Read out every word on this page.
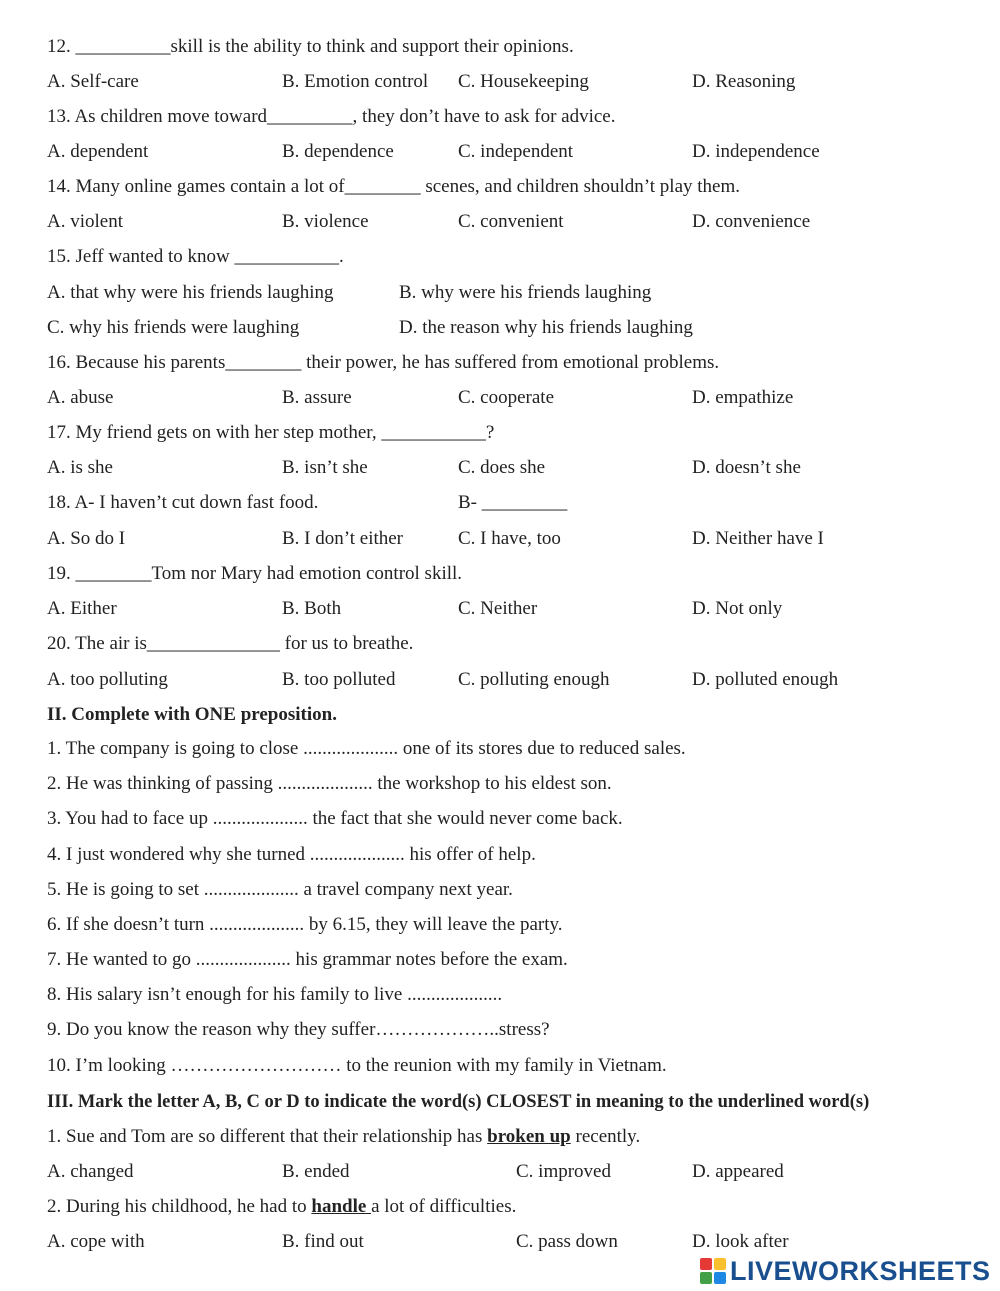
12. __________skill is the ability to think and support their opinions.
A. Self-care	B. Emotion control C. Housekeeping	D. Reasoning
13. As children move toward_________, they don’t have to ask for advice.
A. dependent	B. dependence	C. independent	D. independence
14. Many online games contain a lot of________ scenes, and children shouldn’t play them.
A. violent	B. violence	C. convenient	D. convenience
15. Jeff wanted to know ___________.
A. that why were his friends laughing	B. why were his friends laughing
C. why his friends were laughing	D. the reason why his friends laughing
16. Because his parents________ their power, he has suffered from emotional problems.
A. abuse	B. assure	C. cooperate	D. empathize
17. My friend gets on with her step mother, ___________?
A. is she	B. isn’t she	C. does she	D. doesn’t she
18. A- I haven’t cut down fast food.	B- _________
A. So do I	B. I don’t either	C. I have, too	D. Neither have I
19. ________Tom nor Mary had emotion control skill.
A. Either	B. Both	C. Neither	D. Not only
20. The air is______________ for us to breathe.
A. too polluting	B. too polluted	C. polluting enough	D. polluted enough
II. Complete with ONE preposition.
1. The company is going to close .................... one of its stores due to reduced sales.
2. He was thinking of passing .................... the workshop to his eldest son.
3. You had to face up .................... the fact that she would never come back.
4. I just wondered why she turned .................... his offer of help.
5. He is going to set .................... a travel company next year.
6. If she doesn’t turn .................... by 6.15, they will leave the party.
7. He wanted to go .................... his grammar notes before the exam.
8. His salary isn’t enough for his family to live ....................
9. Do you know the reason why they suffer………………..stress?
10. I’m looking ……………………… to the reunion with my family in Vietnam.
III. Mark the letter A, B, C or D to indicate the word(s) CLOSEST in meaning to the underlined word(s)
1. Sue and Tom are so different that their relationship has broken up recently.
A. changed	B. ended	C. improved	D. appeared
2. During his childhood, he had to handle a lot of difficulties.
A. cope with	B. find out	C. pass down	D. look after
LIVEWORKSHEETS
